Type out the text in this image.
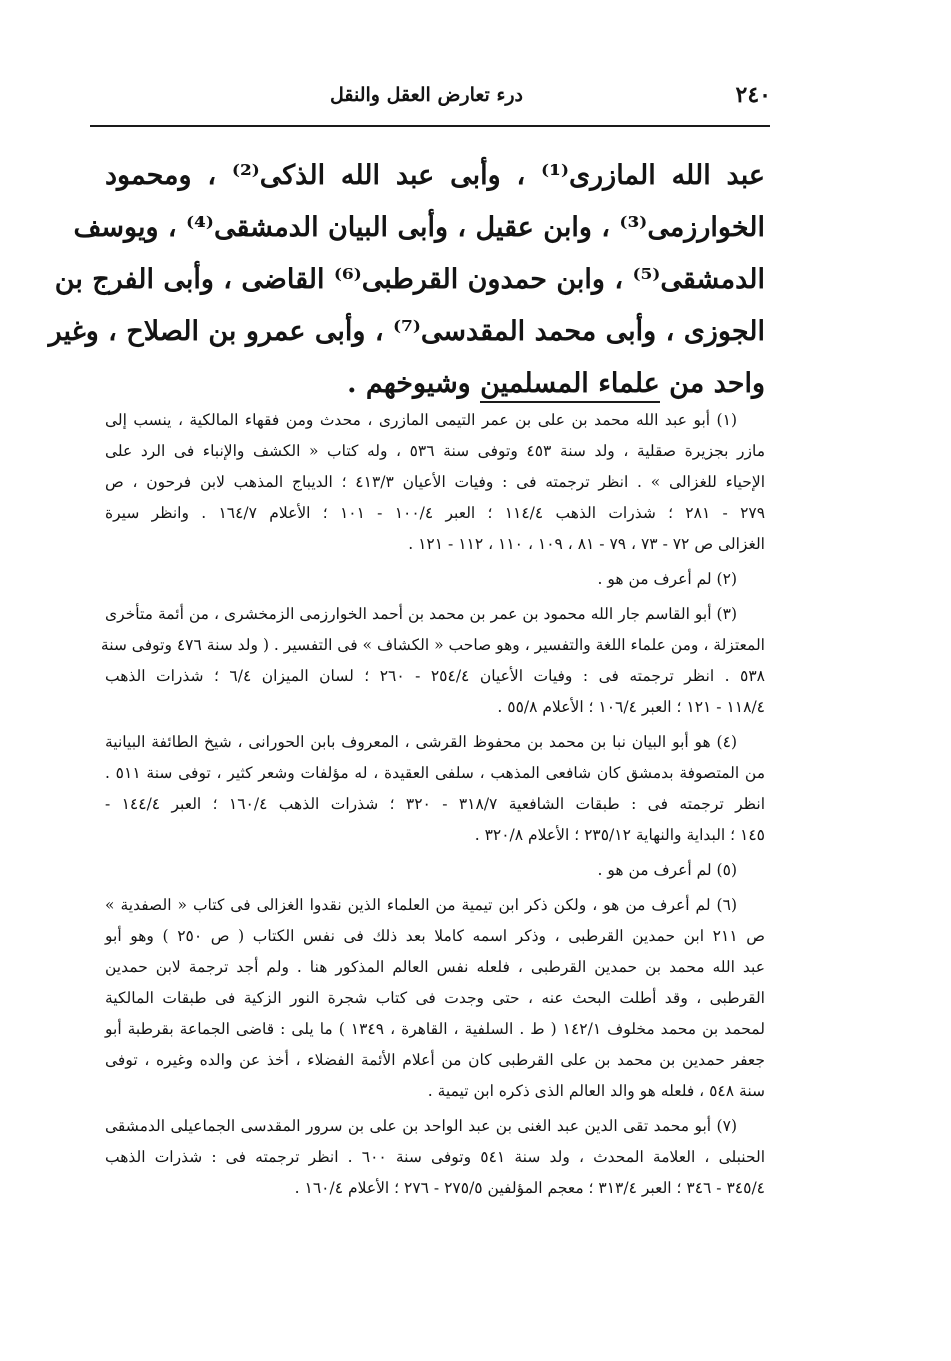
٢٤٠
درء تعارض العقل والنقل
عبد الله المازرى⁽¹⁾ ، وأبى عبد الله الذكى⁽²⁾ ، ومحمود
الخوارزمى⁽³⁾ ، وابن عقيل ، وأبى البيان الدمشقى⁽⁴⁾ ، ويوسف
الدمشقى⁽⁵⁾ ، وابن حمدون القرطبى⁽⁶⁾ القاضى ، وأبى الفرج بن
الجوزى ، وأبى محمد المقدسى⁽⁷⁾ ، وأبى عمرو بن الصلاح ، وغير
واحد من علماء المسلمين وشيوخهم .
(١) أبو عبد الله محمد بن على بن عمر التيمى المازرى ، محدث ومن فقهاء المالكية ، ينسب إلى
مازر بجزيرة صقلية ، ولد سنة ٤٥٣ وتوفى سنة ٥٣٦ ، وله كتاب « الكشف والإنباء فى الرد على
الإحياء للغزالى » . انظر ترجمته فى : وفيات الأعيان ٤١٣/٣ ؛ الديباج المذهب لابن فرحون ، ص
٢٧٩ - ٢٨١ ؛ شذرات الذهب ١١٤/٤ ؛ العبر ١٠٠/٤ - ١٠١ ؛ الأعلام ١٦٤/٧ . وانظر سيرة
الغزالى ص ٧٢ - ٧٣ ، ٧٩ - ٨١ ، ١٠٩ ، ١١٠ ، ١١٢ - ١٢١ .
(٢) لم أعرف من هو .
(٣) أبو القاسم جار الله محمود بن عمر بن محمد بن أحمد الخوارزمى الزمخشرى ، من أئمة متأخرى
المعتزلة ، ومن علماء اللغة والتفسير ، وهو صاحب « الكشاف » فى التفسير . ( ولد سنة ٤٧٦ وتوفى سنة
٥٣٨ . انظر ترجمته فى : وفيات الأعيان ٢٥٤/٤ - ٢٦٠ ؛ لسان الميزان ٦/٤ ؛ شذرات الذهب
١١٨/٤ - ١٢١ ؛ العبر ١٠٦/٤ ؛ الأعلام ٥٥/٨ .
(٤) هو أبو البيان نبا بن محمد بن محفوظ القرشى ، المعروف بابن الحورانى ، شيخ الطائفة البيانية
من المتصوفة بدمشق كان شافعى المذهب ، سلفى العقيدة ، له مؤلفات وشعر كثير ، توفى سنة ٥١١ .
انظر ترجمته فى : طبقات الشافعية ٣١٨/٧ - ٣٢٠ ؛ شذرات الذهب ١٦٠/٤ ؛ العبر ١٤٤/٤ -
١٤٥ ؛ البداية والنهاية ٢٣٥/١٢ ؛ الأعلام ٣٢٠/٨ .
(٥) لم أعرف من هو .
(٦) لم أعرف من هو ، ولكن ذكر ابن تيمية من العلماء الذين نقدوا الغزالى فى كتاب « الصفدية »
ص ٢١١ ابن حمدين القرطبى ، وذكر اسمه كاملا بعد ذلك فى نفس الكتاب ( ص ٢٥٠ ) وهو أبو
عبد الله محمد بن حمدين القرطبى ، فلعله نفس العالم المذكور هنا . ولم أجد ترجمة لابن حمدين
القرطبى ، وقد أطلت البحث عنه ، حتى وجدت فى كتاب شجرة النور الزكية فى طبقات المالكية
لمحمد بن محمد مخلوف ١٤٢/١ ( ط . السلفية ، القاهرة ، ١٣٤٩ ) ما يلى : قاضى الجماعة بقرطبة أبو
جعفر حمدين بن محمد بن على القرطبى كان من أعلام الأئمة الفضلاء ، أخذ عن والده وغيره ، توفى
سنة ٥٤٨ ، فلعله هو والد العالم الذى ذكره ابن تيمية .
(٧) أبو محمد تقى الدين عبد الغنى بن عبد الواحد بن على بن سرور المقدسى الجماعيلى الدمشقى
الحنبلى ، العلامة المحدث ، ولد سنة ٥٤١ وتوفى سنة ٦٠٠ . انظر ترجمته فى : شذرات الذهب
٣٤٥/٤ - ٣٤٦ ؛ العبر ٣١٣/٤ ؛ معجم المؤلفين ٢٧٥/٥ - ٢٧٦ ؛ الأعلام ١٦٠/٤ .
